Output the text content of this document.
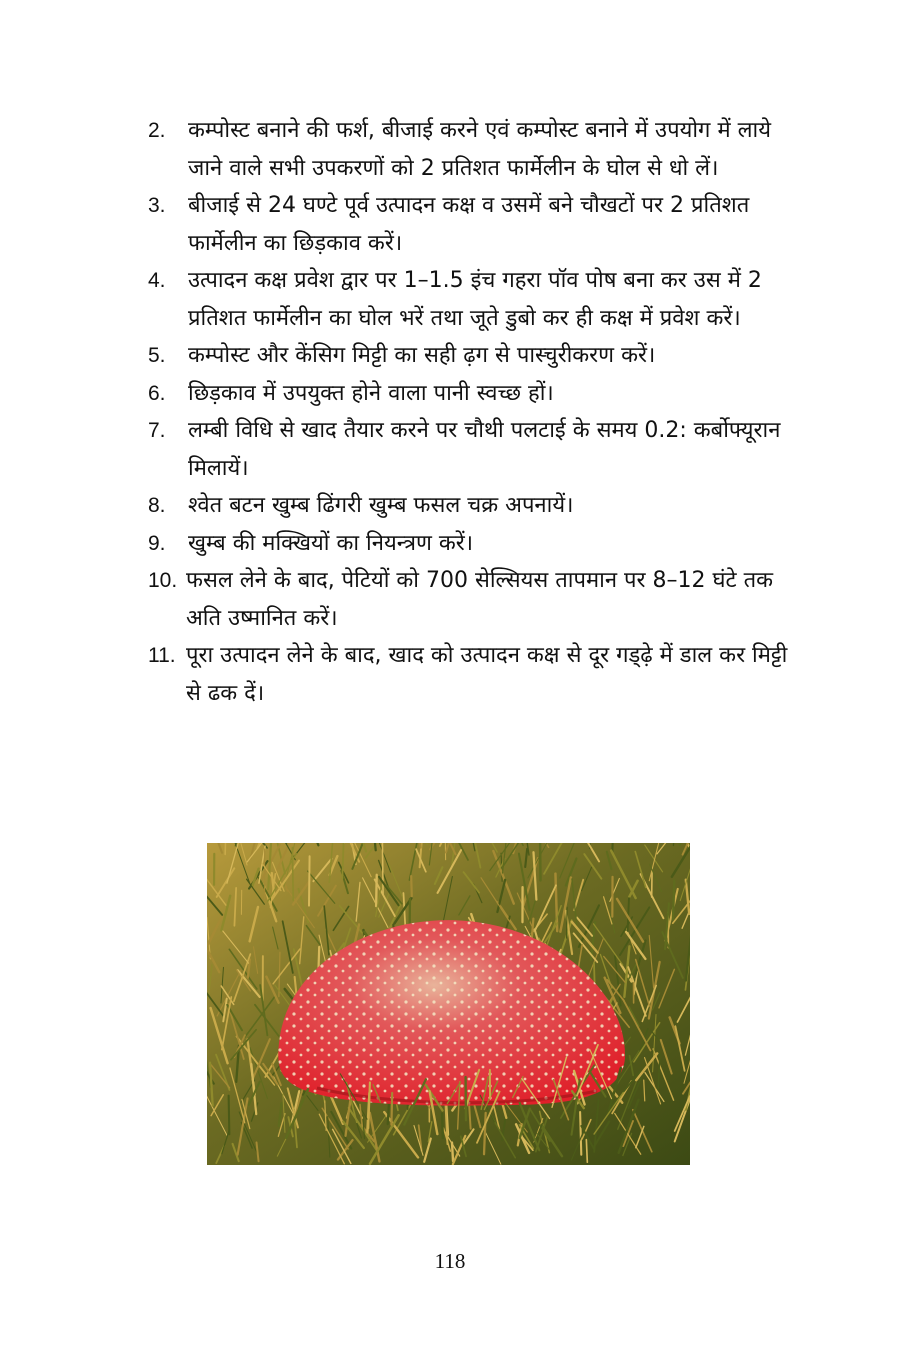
2.	कम्पोस्ट बनाने की फर्श, बीजाई करने एवं कम्पोस्ट बनाने में उपयोग में लाये जाने वाले सभी उपकरणों को 2 प्रतिशत फार्मेलीन के घोल से धो लें।
3.	बीजाई से 24 घण्टे पूर्व उत्पादन कक्ष व उसमें बने चौखटों पर 2 प्रतिशत फार्मेलीन का छिड़काव करें।
4.	उत्पादन कक्ष प्रवेश द्वार पर 1–1.5 इंच गहरा पॉव पोष बना कर उस में 2 प्रतिशत फार्मेलीन का घोल भरें तथा जूते डुबो कर ही कक्ष में प्रवेश करें।
5.	कम्पोस्ट और केंसिग मिट्टी का सही ढ़ग से पास्चुरीकरण करें।
6.	छिड़काव में उपयुक्त होने वाला पानी स्वच्छ हों।
7.	लम्बी विधि से खाद तैयार करने पर चौथी पलटाई के समय 0.2: कर्बोफ्यूरान मिलायें।
8.	श्वेत बटन खुम्ब ढिंगरी खुम्ब फसल चक्र अपनायें।
9.	खुम्ब की मक्खियों का नियन्त्रण करें।
10. फसल लेने के बाद, पेटियों को 700 सेल्सियस तापमान पर 8–12 घंटे तक अति उष्मानित करें।
11. पूरा उत्पादन लेने के बाद, खाद को उत्पादन कक्ष से दूर गड्ढ़े में डाल कर मिट्टी से ढक दें।
118
